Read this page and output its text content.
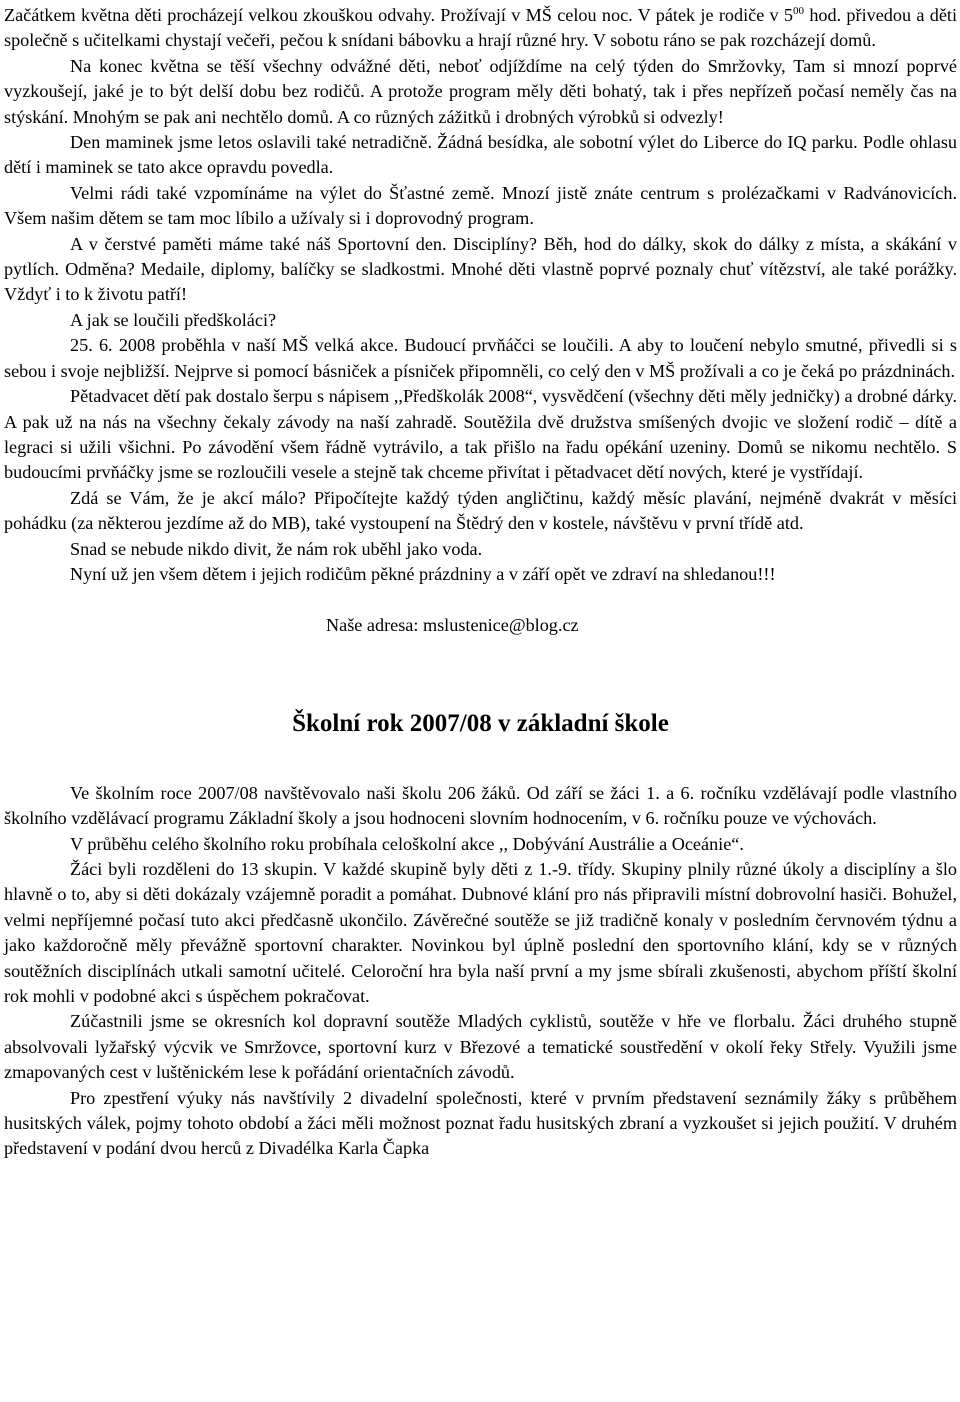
Začátkem května děti procházejí velkou zkouškou odvahy. Prožívají v MŠ celou noc. V pátek je rodiče v $5^{00}$ hod. přivedou a děti společně s učitelkami chystají večeři, pečou k snídani bábovku a hrají různé hry. V sobotu ráno se pak rozcházejí domů.

Na konec května se těší všechny odvážné děti, neboť odjíždíme na celý týden do Smržovky, Tam si mnozí poprvé vyzkoušejí, jaké je to být delší dobu bez rodičů. A protože program měly děti bohatý, tak i přes nepřízeň počasí neměly čas na stýskání. Mnohým se pak ani nechtělo domů. A co různých zážitků i drobných výrobků si odvezly!

Den maminek jsme letos oslavili také netradičně. Žádná besídka, ale sobotní výlet do Liberce do IQ parku. Podle ohlasu dětí i maminek se tato akce opravdu povedla.

Velmi rádi také vzpomínáme na výlet do Šťastné země. Mnozí jistě znáte centrum s prolézačkami v Radvánovicích. Všem našim dětem se tam moc líbilo a užívaly si i doprovodný program.

A v čerstvé paměti máme také náš Sportovní den. Disciplíny? Běh, hod do dálky, skok do dálky z místa, a skákání v pytlích. Odměna? Medaile, diplomy, balíčky se sladkostmi. Mnohé děti vlastně poprvé poznaly chuť vítězství, ale také porážky. Vždyť i to k životu patří!

A jak se loučili předškoláci?

25. 6. 2008 proběhla v naší MŠ velká akce. Budoucí prvňáčci se loučili. A aby to loučení nebylo smutné, přivedli si s sebou i svoje nejbližší. Nejprve si pomocí básniček a písniček připomněli, co celý den v MŠ prožívali a co je čeká po prázdninách.

Pětadvacet dětí pak dostalo šerpu s nápisem ,,Předškolák 2008“, vysvědčení (všechny děti měly jedničky) a drobné dárky. A pak už na nás na všechny čekaly závody na naší zahradě. Soutěžila dvě družstva smíšených dvojic ve složení rodič – dítě a legraci si užili všichni. Po závodění všem řádně vytrávilo, a tak přišlo na řadu opékání uzeniny. Domů se nikomu nechtělo. S budoucími prvňáčky jsme se rozloučili vesele a stejně tak chceme přivítat i pětadvacet dětí nových, které je vystřídají.

Zdá se Vám, že je akcí málo? Připočítejte každý týden angličtinu, každý měsíc plavání, nejméně dvakrát v měsíci pohádku (za některou jezdíme až do MB), také vystoupení na Štědrý den v kostele, návštěvu v první třídě atd.

Snad se nebude nikdo divit, že nám rok uběhl jako voda.

Nyní už jen všem dětem i jejich rodičům pěkné prázdniny a v září opět ve zdraví na shledanou!!!

Naše adresa: mslustenice@blog.cz
Školní rok 2007/08 v základní škole

Ve školním roce 2007/08 navštěvovalo naši školu 206 žáků. Od září se žáci 1. a 6. ročníku vzdělávají podle vlastního školního vzdělávací programu Základní školy a jsou hodnoceni slovním hodnocením, v 6. ročníku pouze ve výchovách.

V průběhu celého školního roku probíhala celoškolní akce ,, Dobývání Austrálie a Oceánie“.

Žáci byli rozděleni do 13 skupin. V každé skupině byly děti z 1.-9. třídy. Skupiny plnily různé úkoly a disciplíny a šlo hlavně o to, aby si děti dokázaly vzájemně poradit a pomáhat. Dubnové klání pro nás připravili místní dobrovolní hasiči. Bohužel, velmi nepříjemné počasí tuto akci předčasně ukončilo. Závěrečné soutěže se již tradičně konaly v posledním červnovém týdnu a jako každoročně měly převážně sportovní charakter. Novinkou byl úplně poslední den sportovního klání, kdy se v různých soutěžních disciplínách utkali samotní učitelé. Celoroční hra byla naší první a my jsme sbírali zkušenosti, abychom příští školní rok mohli v podobné akci s úspěchem pokračovat.

Zúčastnili jsme se okresních kol dopravní soutěže Mladých cyklistů, soutěže v hře ve florbalu. Žáci druhého stupně absolvovali lyžařský výcvik ve Smržovce, sportovní kurz v Březové a tematické soustředění v okolí řeky Střely. Využili jsme zmapovaných cest v luštěnickém lese k pořádání orientačních závodů.

Pro zpestření výuky nás navštívily 2 divadelní společnosti, které v prvním představení seznámily žáky s průběhem husitských válek, pojmy tohoto období a žáci měli možnost poznat řadu husitských zbraní a vyzkoušet si jejich použití. V druhém představení v podání dvou herců z Divadélka Karla Čapka
